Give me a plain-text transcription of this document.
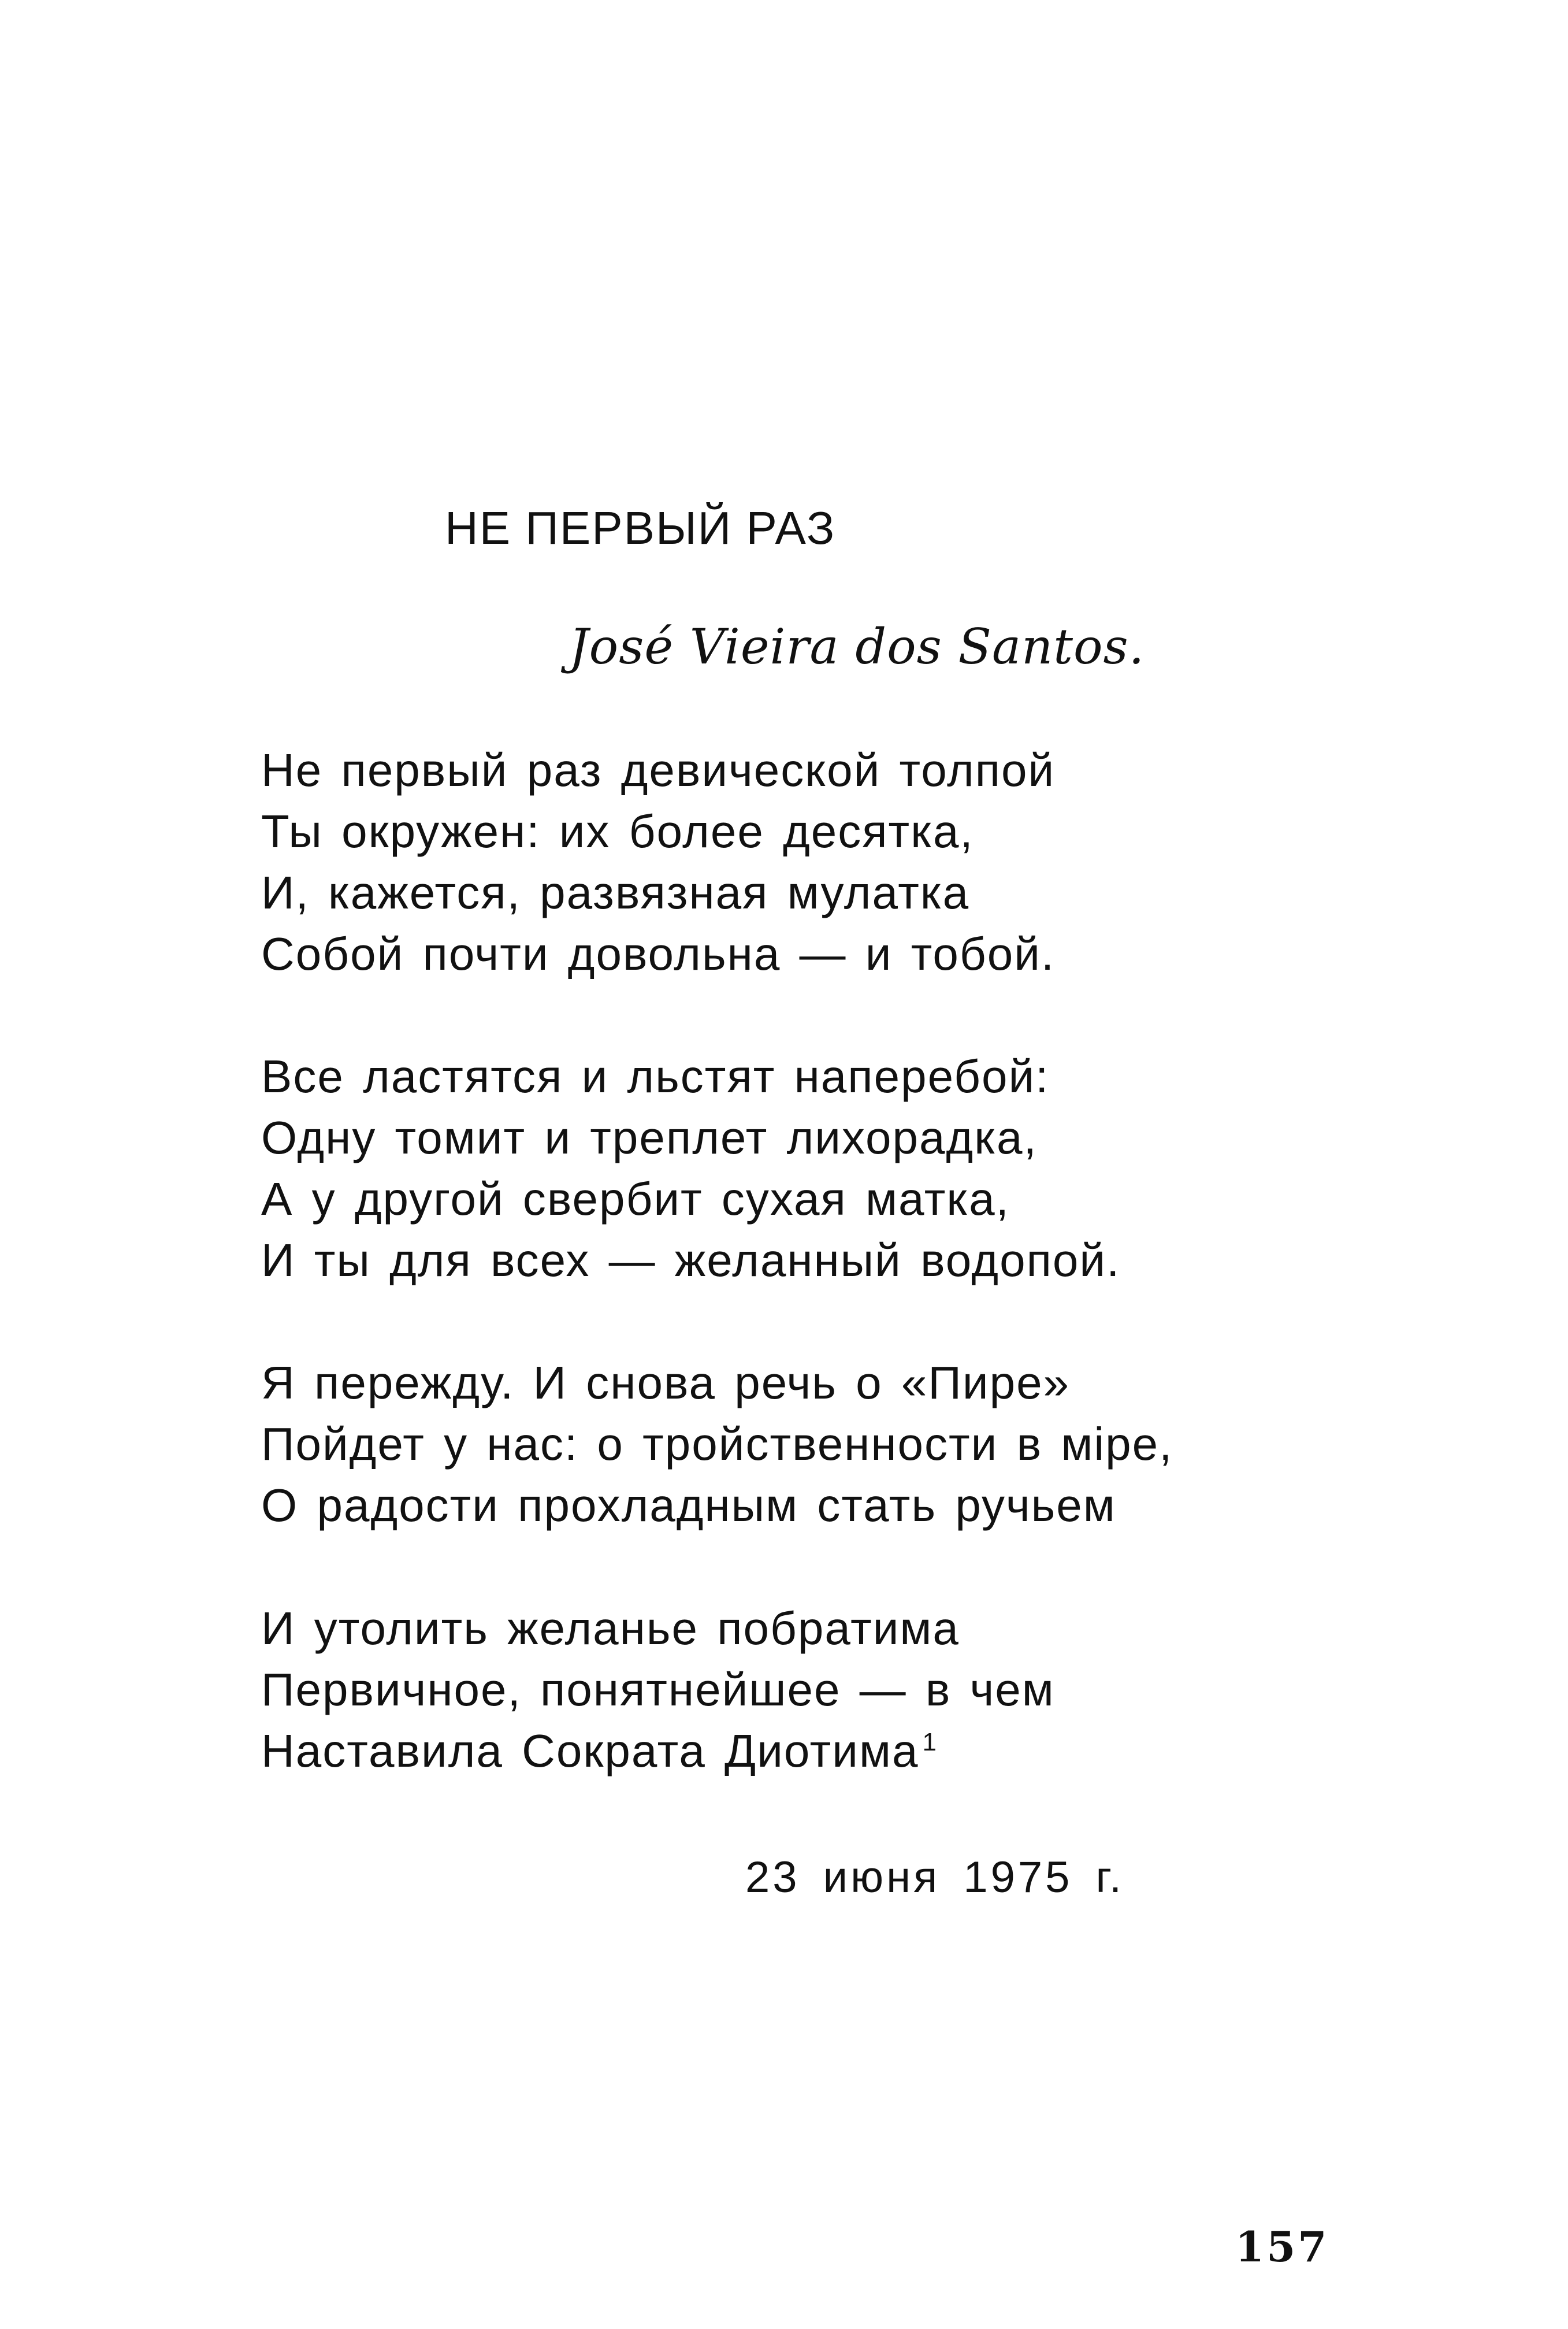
НЕ ПЕРВЫЙ РАЗ
José Vieira dos Santos.
Не первый раз девической толпой
Ты окружен: их более десятка,
И, кажется, развязная мулатка
Собой почти довольна — и тобой.
Все ластятся и льстят наперебой:
Одну томит и треплет лихорадка,
А у другой свербит сухая матка,
И ты для всех — желанный водопой.
Я пережду. И снова речь о «Пире»
Пойдет у нас: о тройственности в міре,
О радости прохладным стать ручьем
И утолить желанье побратима
Первичное, понятнейшее — в чем
Наставила Сократа Диотима $^1$
23 июня 1975 г.
157
